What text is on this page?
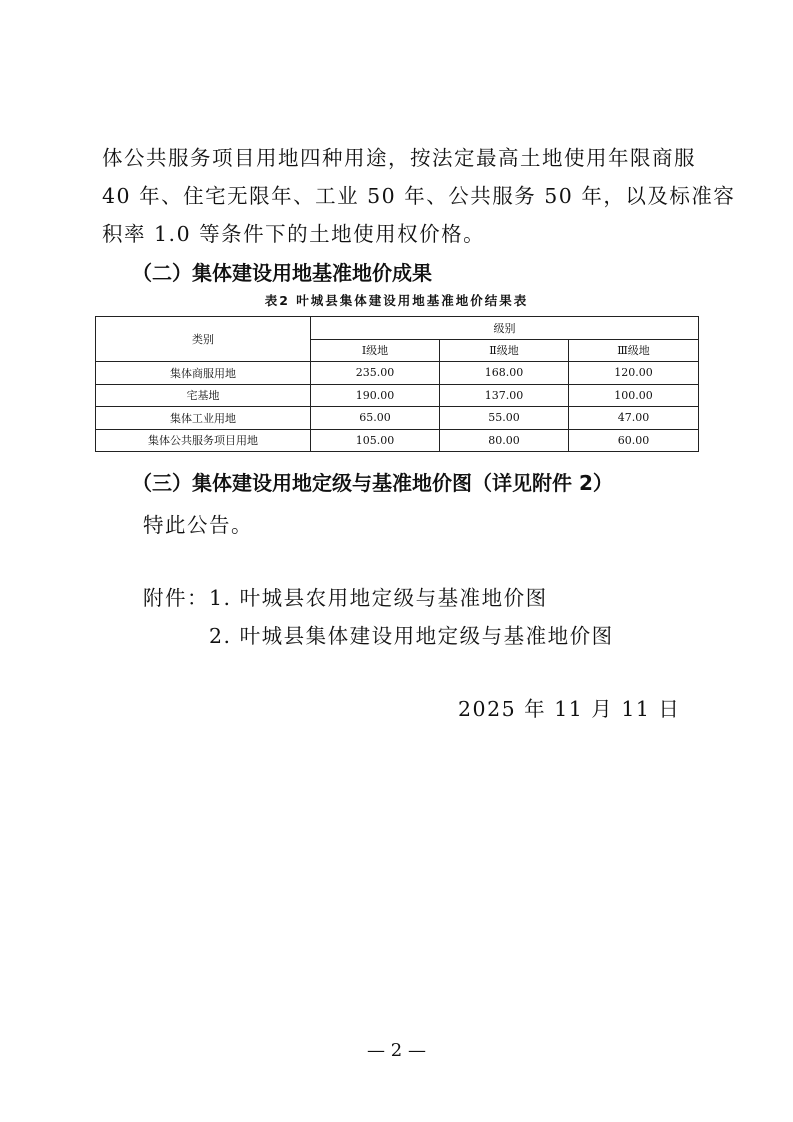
体公共服务项目用地四种用途，按法定最高土地使用年限商服
40 年、住宅无限年、工业 50 年、公共服务 50 年，以及标准容
积率 1.0 等条件下的土地使用权价格。

（二）集体建设用地基准地价成果

表2 叶城县集体建设用地基准地价结果表

类别	级别		
	Ⅰ级地	Ⅱ级地	Ⅲ级地
集体商服用地	235.00	168.00	120.00
宅基地	190.00	137.00	100.00
集体工业用地	65.00	55.00	47.00
集体公共服务项目用地	105.00	80.00	60.00

（三）集体建设用地定级与基准地价图（详见附件 2）

特此公告。

附件： 1. 叶城县农用地定级与基准地价图

2. 叶城县集体建设用地定级与基准地价图

2025 年 11 月 11 日

— 2 —
